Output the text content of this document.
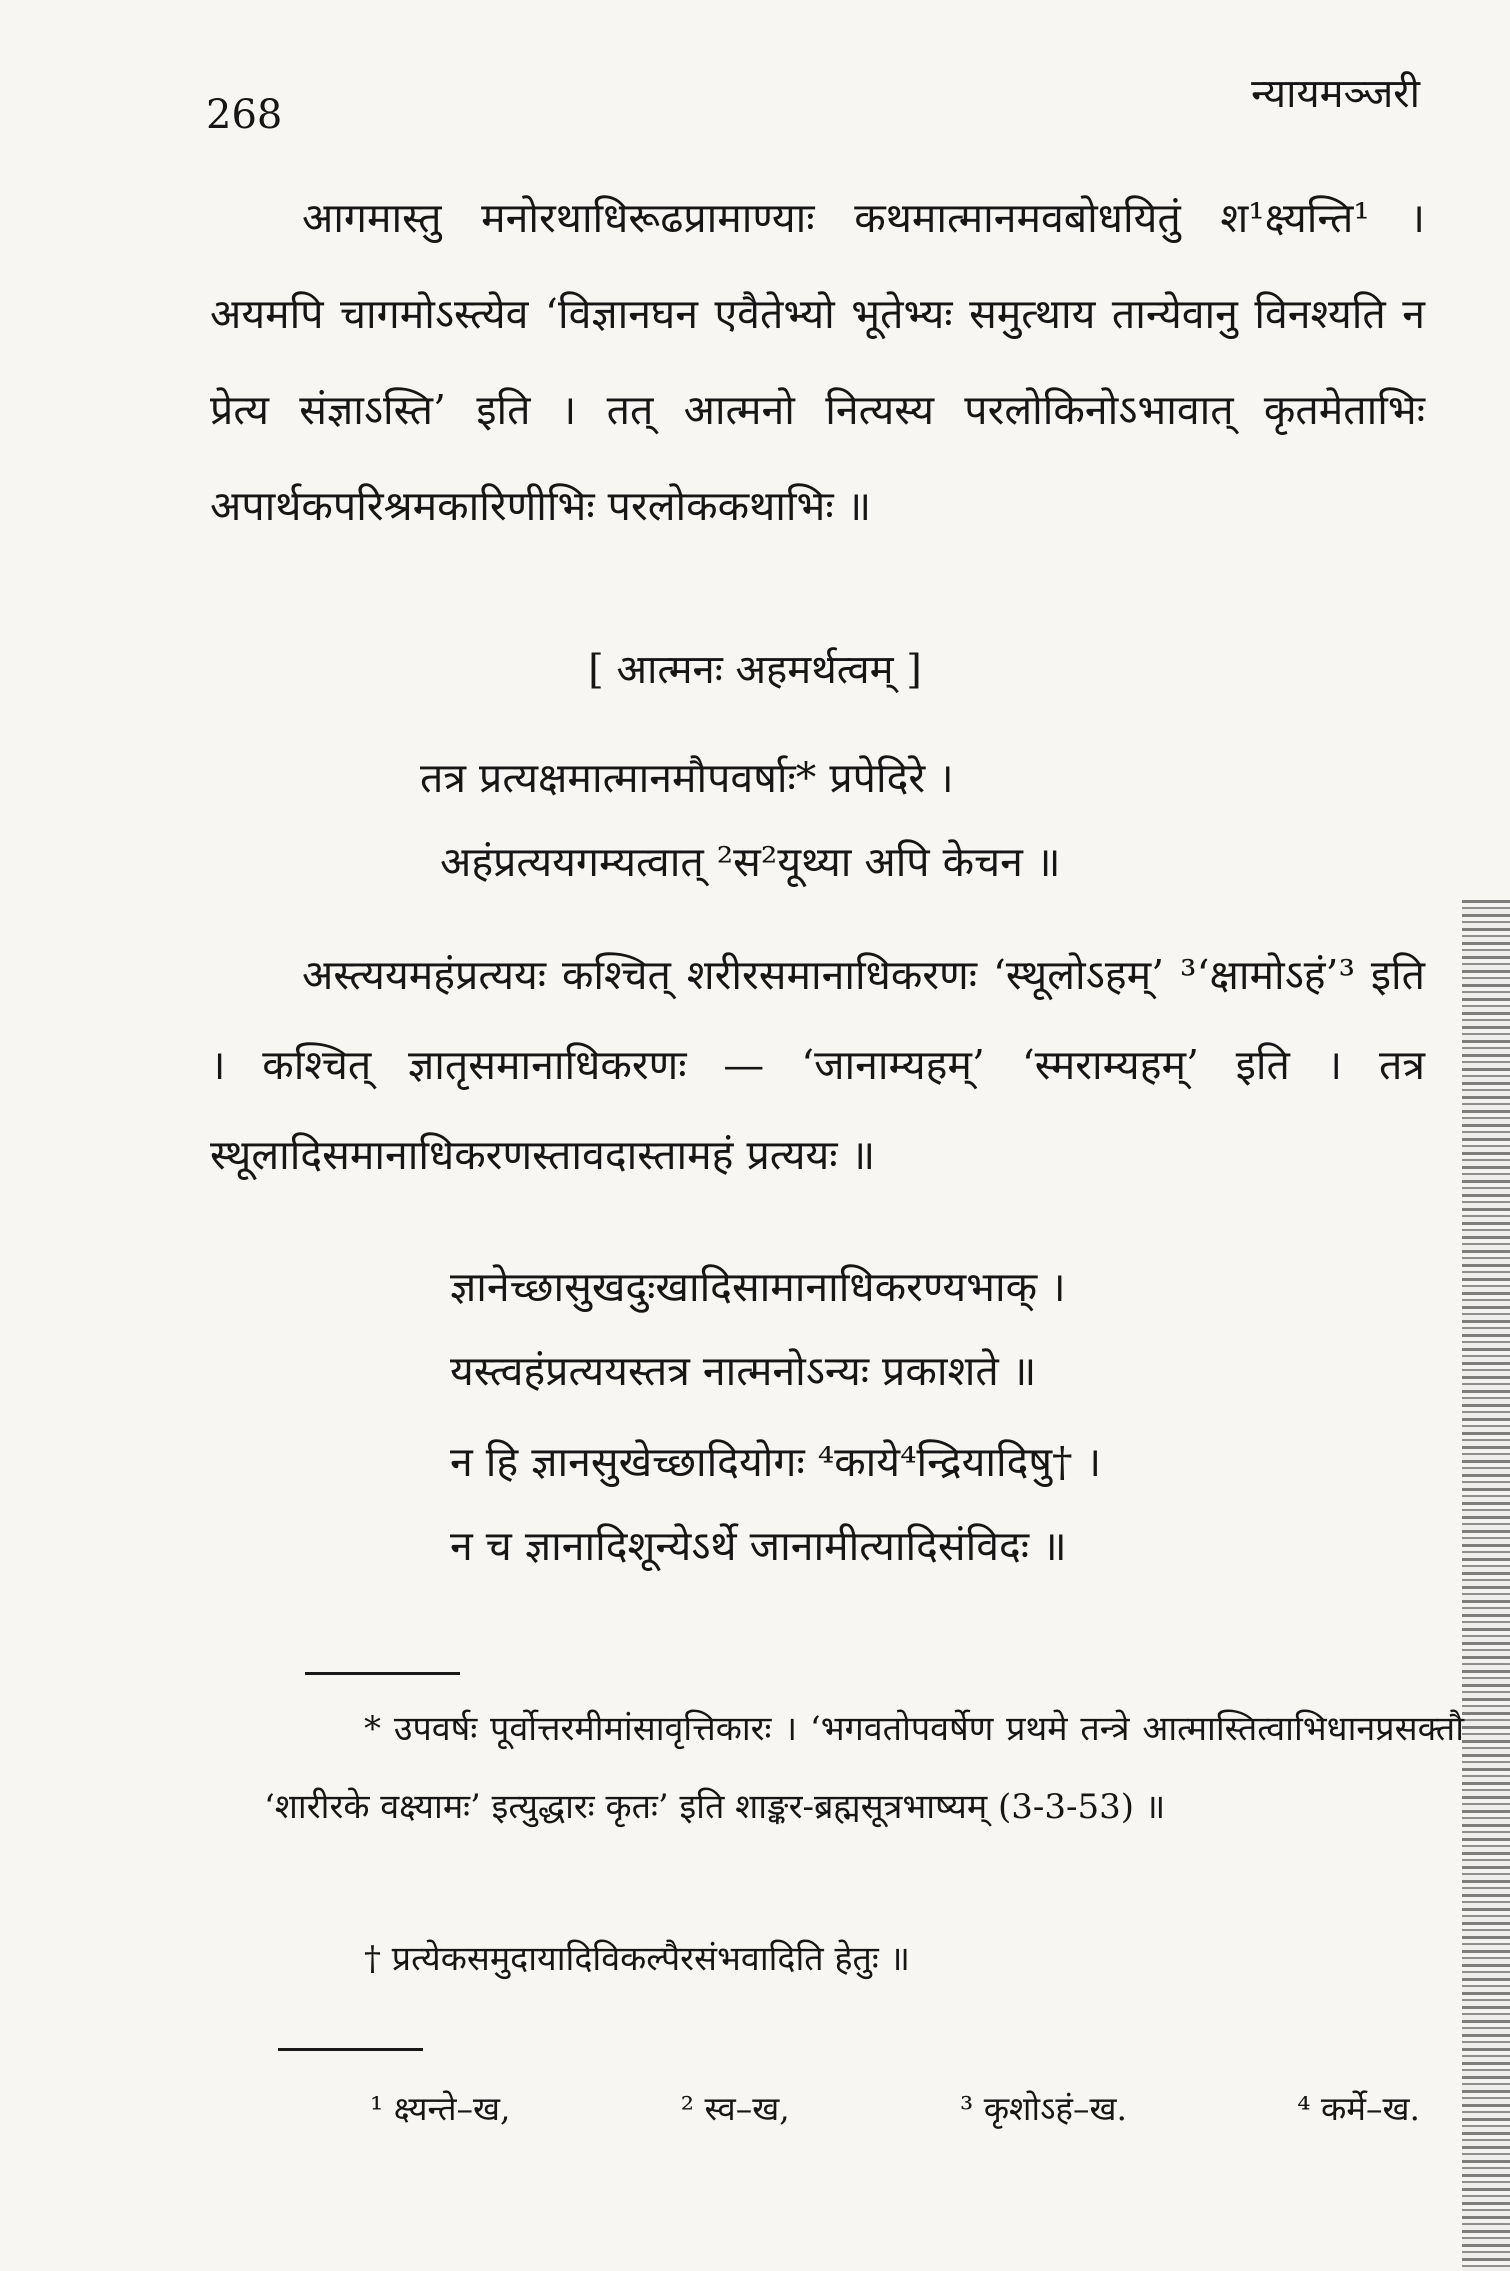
268	न्यायमञ्जरी

आगमास्तु मनोरथाधिरूढप्रामाण्याः कथमात्मानमवबोधयितुं श¹क्ष्यन्ति¹ । अयमपि चागमोऽस्त्येव ‘विज्ञानघन एवैतेभ्यो भूतेभ्यः समुत्थाय तान्येवानु विनश्यति न प्रेत्य संज्ञाऽस्ति’ इति । तत् आत्मनो नित्यस्य परलोकिनोऽभावात् कृतमेताभिः अपार्थकपरिश्रमकारिणीभिः परलोककथाभिः ॥

[ आत्मनः अहमर्थत्वम् ]
तत्र प्रत्यक्षमात्मानमौपवर्षाः* प्रपेदिरे ।
अहंप्रत्ययगम्यत्वात् ²स²यूथ्या अपि केचन ॥

अस्त्ययमहंप्रत्ययः कश्चित् शरीरसमानाधिकरणः ‘स्थूलोऽहम्’ ³‘क्षामोऽहं’³ इति । कश्चित् ज्ञातृसमानाधिकरणः — ‘जानाम्यहम्’ ‘स्मराम्यहम्’ इति । तत्र स्थूलादिसमानाधिकरणस्तावदास्तामहं प्रत्ययः ॥

ज्ञानेच्छासुखदुःखादिसामानाधिकरण्यभाक् ।
यस्त्वहंप्रत्ययस्तत्र नात्मनोऽन्यः प्रकाशते ॥
न हि ज्ञानसुखेच्छादियोगः ⁴काये⁴न्द्रियादिषु† ।
न च ज्ञानादिशून्येऽर्थे जानामीत्यादिसंविदः ॥

* उपवर्षः पूर्वोत्तरमीमांसावृत्तिकारः । ‘भगवतोपवर्षेण प्रथमे तन्त्रे आत्मास्तित्वाभिधानप्रसक्तौ ‘शारीरके वक्ष्यामः’ इत्युद्धारः कृतः’ इति शाङ्कर-ब्रह्मसूत्रभाष्यम् (3-3-53) ॥

† प्रत्येकसमुदायादिविकल्पैरसंभवादिति हेतुः ॥

¹ क्ष्यन्ते–ख,	² स्व–ख,	³ कृशोऽहं–ख.	⁴ कर्मे–ख.
